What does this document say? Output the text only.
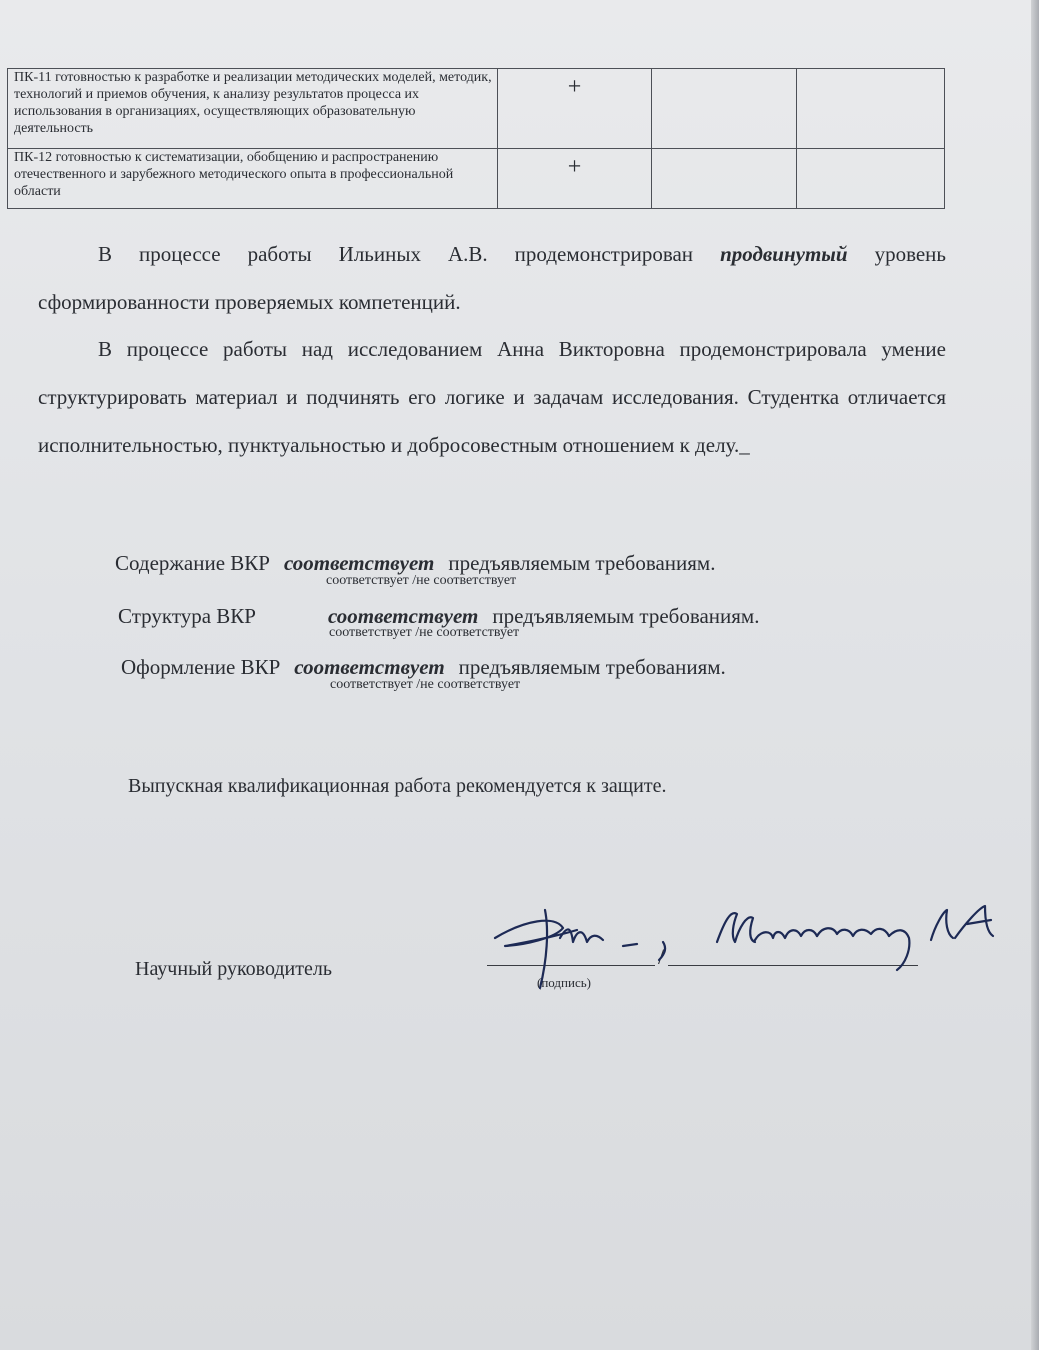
ПК-11 готовностью к разработке и реализации методических моделей, методик, технологий и приемов обучения, к анализу результатов процесса их использования в организациях, осуществляющих образовательную деятельность	+		
ПК-12 готовностью к систематизации, обобщению и распространению отечественного и зарубежного методического опыта в профессиональной области	+		
В процессе работы Ильиных А.В. продемонстрирован продвинутый уровень сформированности проверяемых компетенций.
В процессе работы над исследованием Анна Викторовна продемонстрировала умение структурировать материал и подчинять его логике и задачам исследования. Студентка отличается исполнительностью, пунктуальностью и добросовестным отношением к делу._
Содержание ВКР соответствует предъявляемым требованиям.
соответствует /не соответствует
Структура ВКР	соответствует предъявляемым требованиям.
соответствует /не соответствует
Оформление ВКР соответствует предъявляемым требованиям.
соответствует /не соответствует
Выпускная квалификационная работа рекомендуется к защите.
Научный руководитель	/
(подпись)
